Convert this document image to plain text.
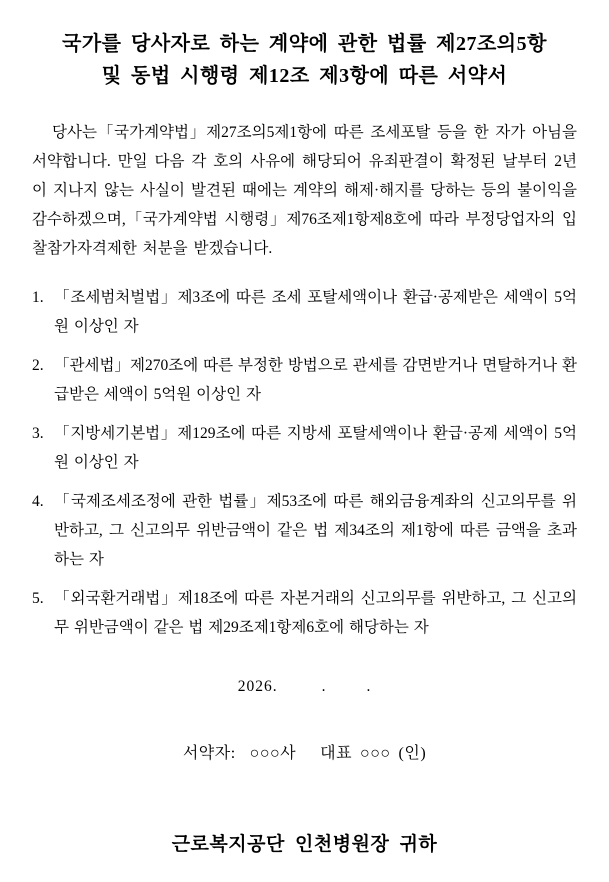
국가를 당사자로 하는 계약에 관한 법률 제27조의5항
및 동법 시행령 제12조 제3항에 따른 서약서

당사는「국가계약법」제27조의5제1항에 따른 조세포탈 등을 한 자가 아님을 서약합니다. 만일 다음 각 호의 사유에 해당되어 유죄판결이 확정된 날부터 2년이 지나지 않는 사실이 발견된 때에는 계약의 해제·해지를 당하는 등의 불이익을 감수하겠으며,「국가계약법 시행령」제76조제1항제8호에 따라 부정당업자의 입찰참가자격제한 처분을 받겠습니다.

「조세범처벌법」제3조에 따른 조세 포탈세액이나 환급·공제받은 세액이 5억원 이상인 자
「관세법」제270조에 따른 부정한 방법으로 관세를 감면받거나 면탈하거나 환급받은 세액이 5억원 이상인 자
「지방세기본법」제129조에 따른 지방세 포탈세액이나 환급·공제 세액이 5억원 이상인 자
「국제조세조정에 관한 법률」제53조에 따른 해외금융계좌의 신고의무를 위반하고, 그 신고의무 위반금액이 같은 법 제34조의 제1항에 따른 금액을 초과하는 자
「외국환거래법」제18조에 따른 자본거래의 신고의무를 위반하고, 그 신고의무 위반금액이 같은 법 제29조제1항제6호에 해당하는 자
2026.	.	.
서약자: ○○○사 대표 ○○○ (인)
근로복지공단 인천병원장 귀하
